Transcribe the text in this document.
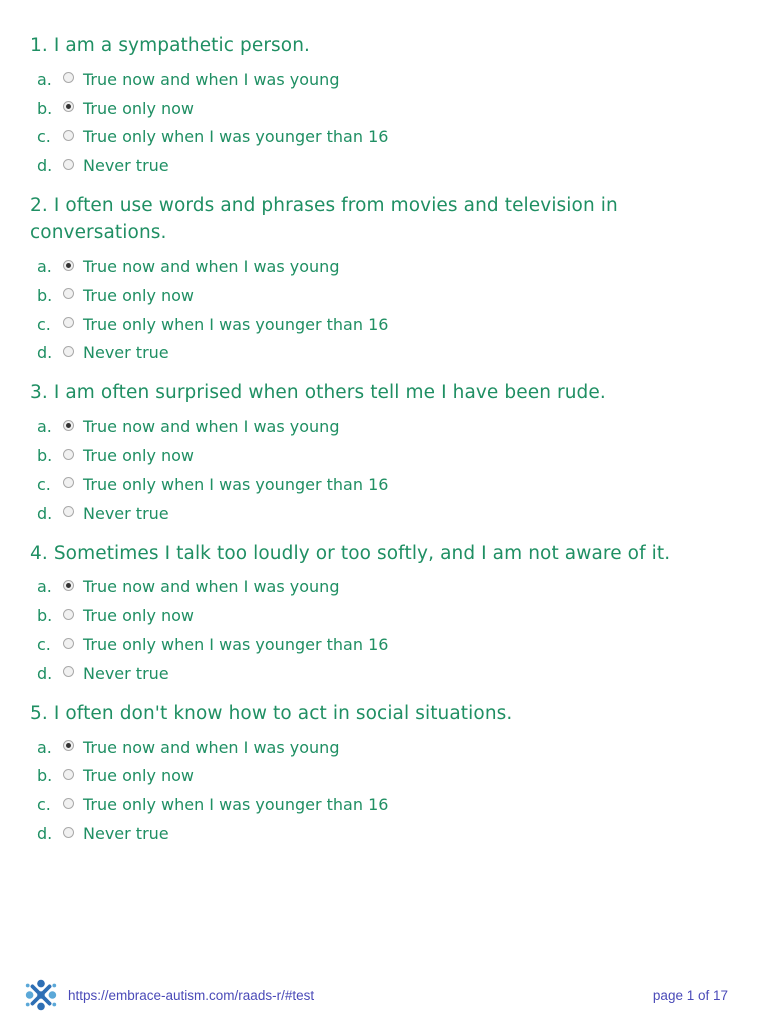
1. I am a sympathetic person.
a.	True now and when I was young
b.	True only now
c.	True only when I was younger than 16
d.	Never true
2. I often use words and phrases from movies and television in conversations.
a.	True now and when I was young
b.	True only now
c.	True only when I was younger than 16
d.	Never true
3. I am often surprised when others tell me I have been rude.
a.	True now and when I was young
b.	True only now
c.	True only when I was younger than 16
d.	Never true
4. Sometimes I talk too loudly or too softly, and I am not aware of it.
a.	True now and when I was young
b.	True only now
c.	True only when I was younger than 16
d.	Never true
5. I often don't know how to act in social situations.
a.	True now and when I was young
b.	True only now
c.	True only when I was younger than 16
d.	Never true
https://embrace-autism.com/raads-r/#test	page 1 of 17
